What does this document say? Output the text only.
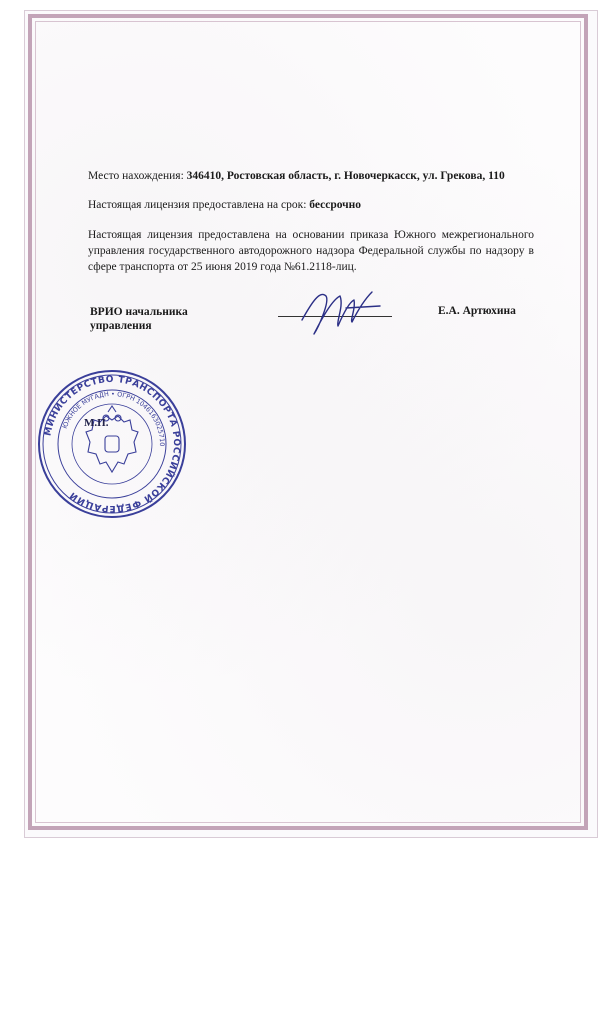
Место нахождения: 346410, Ростовская область, г. Новочеркасск, ул. Грекова, 110
Настоящая лицензия предоставлена на срок: бессрочно
Настоящая лицензия предоставлена на основании приказа Южного межрегионального управления государственного автодорожного надзора Федеральной службы по надзору в сфере транспорта от 25 июня 2019 года №61.2118-лиц.
ВРИО начальника
управления
Е.А. Артюхина
МИНИСТЕРСТВО ТРАНСПОРТА РОССИЙСКОЙ ФЕДЕРАЦИИ
ЮЖНОЕ МУГАДН • ОГРН 1046163025710
М.П.
